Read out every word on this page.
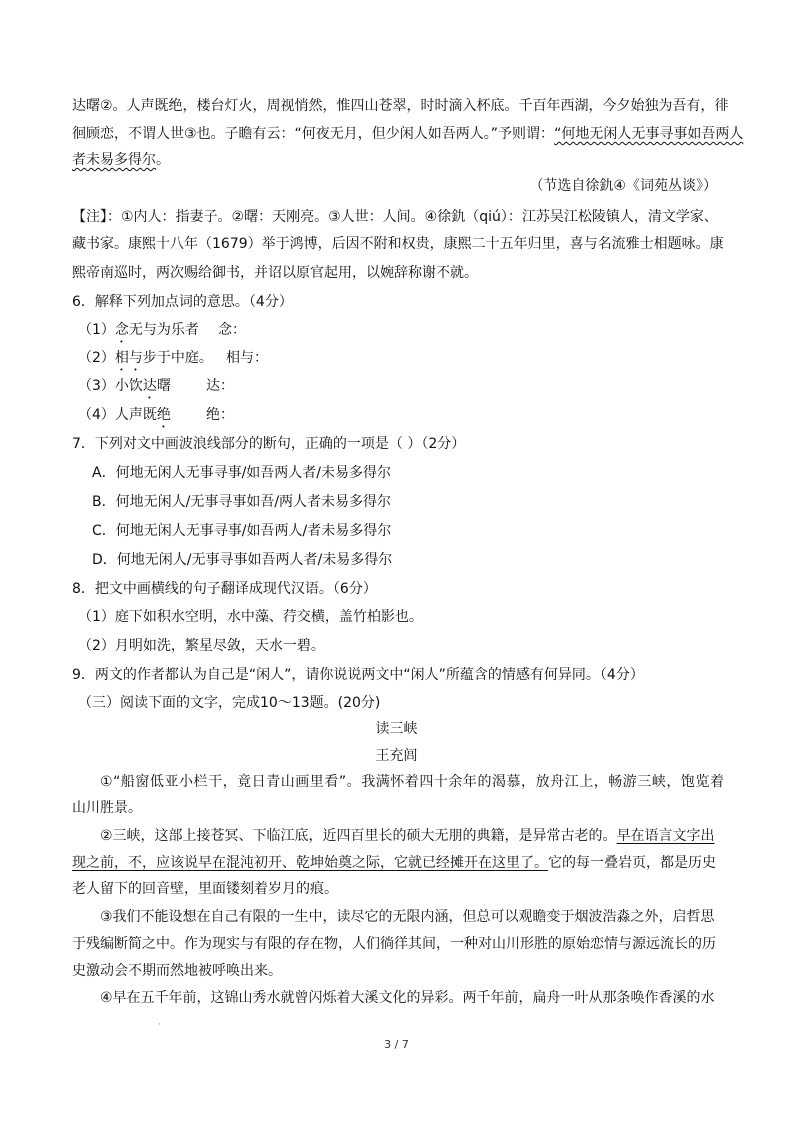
达曙②。人声既绝，楼台灯火，周视悄然，惟四山苍翠，时时滴入杯底。千百年西湖，今夕始独为吾有，徘
徊顾恋，不谓人世③也。子瞻有云：“何夜无月，但少闲人如吾两人。”予则谓：“何地无闲人无事寻事如吾两人
者未易多得尔。
（节选自徐釚④《词苑丛谈》）
【注】：①内人：指妻子。②曙：天刚亮。③人世：人间。④徐釚（qiú）：江苏吴江松陵镇人，清文学家、
藏书家。康熙十八年（1679）举于鸿博，后因不附和权贵，康熙二十五年归里，喜与名流雅士相题咏。康
熙帝南巡时，两次赐给御书，并诏以原官起用，以婉辞称谢不就。
6．解释下列加点词的意思。（4分）
（1）念无与为乐者 念：
（2）相与步于中庭。 相与：
（3）小饮达曙	达：
（4）人声既绝	绝：
7．下列对文中画波浪线部分的断句，正确的一项是（ ）（2分）
A．何地无闲人无事寻事/如吾两人者/未易多得尔
B．何地无闲人/无事寻事如吾/两人者未易多得尔
C．何地无闲人无事寻事/如吾两人/者未易多得尔
D．何地无闲人/无事寻事如吾两人者/未易多得尔
8．把文中画横线的句子翻译成现代汉语。（6分）
（1）庭下如积水空明，水中藻、荇交横，盖竹柏影也。
（2）月明如洗，繁星尽敛，天水一碧。
9．两文的作者都认为自己是“闲人”，请你说说两文中“闲人”所蕴含的情感有何异同。（4分）
（三）阅读下面的文字，完成10～13题。(20分)
读三峡
王充闾
①“船窗低亚小栏干，竟日青山画里看”。我满怀着四十余年的渴慕，放舟江上，畅游三峡，饱览着
山川胜景。
②三峡，这部上接苍冥、下临江底，近四百里长的硕大无朋的典籍，是异常古老的。早在语言文字出
现之前，不，应该说早在混沌初开、乾坤始奠之际，它就已经摊开在这里了。它的每一叠岩页，都是历史
老人留下的回音壁，里面镂刻着岁月的痕。
③我们不能设想在自己有限的一生中，读尽它的无限内涵，但总可以观瞻变于烟波浩淼之外，启哲思
于残编断简之中。作为现实与有限的存在物，人们徜徉其间，一种对山川形胜的原始恋情与源远流长的历
史激动会不期而然地被呼唤出来。
④早在五千年前，这锦山秀水就曾闪烁着大溪文化的异彩。两千年前，扁舟一叶从那条唤作香溪的水
·
3 / 7
